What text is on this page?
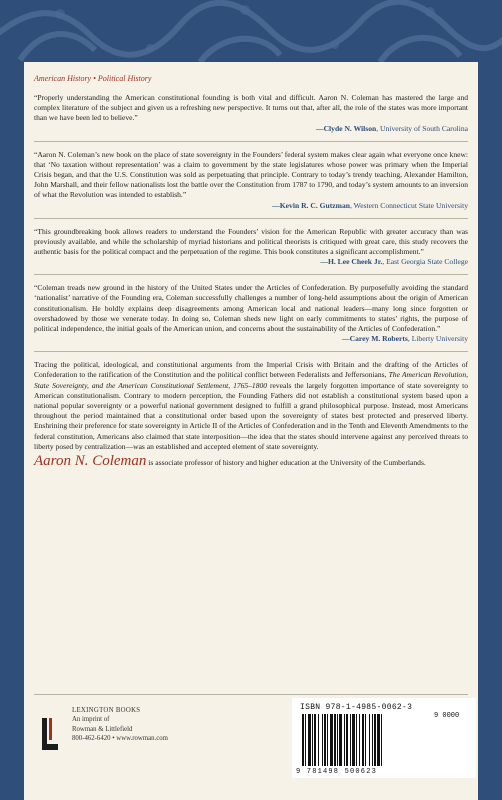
American History • Political History

“Properly understanding the American constitutional founding is both vital and difficult. Aaron N. Coleman has mastered the large and complex literature of the subject and given us a refreshing new perspective. It turns out that, after all, the role of the states was more important than we have been led to believe.”
—Clyde N. Wilson, University of South Carolina

“Aaron N. Coleman’s new book on the place of state sovereignty in the Founders’ federal system makes clear again what everyone once knew: that ‘No taxation without representation’ was a claim to government by the state legislatures whose power was primary when the Imperial Crisis began, and that the U.S. Constitution was sold as perpetuating that principle. Contrary to today’s trendy teaching, Alexander Hamilton, John Marshall, and their fellow nationalists lost the battle over the Constitution from 1787 to 1790, and today’s system amounts to an inversion of what the Revolution was intended to establish.”
—Kevin R. C. Gutzman, Western Connecticut State University

“This groundbreaking book allows readers to understand the Founders’ vision for the American Republic with greater accuracy than was previously available, and while the scholarship of myriad historians and political theorists is critiqued with great care, this study recovers the authentic basis for the political compact and the perpetuation of the regime. This book constitutes a significant accomplishment.”
—H. Lee Cheek Jr., East Georgia State College

“Coleman treads new ground in the history of the United States under the Articles of Confederation. By purposefully avoiding the standard ‘nationalist’ narrative of the Founding era, Coleman successfully challenges a number of long-held assumptions about the origin of American constitutionalism. He boldly explains deep disagreements among American local and national leaders—many long since forgotten or overshadowed by those we venerate today. In doing so, Coleman sheds new light on early commitments to states’ rights, the purpose of political independence, the initial goals of the American union, and concerns about the sustainability of the Articles of Confederation.”
—Carey M. Roberts, Liberty University

Tracing the political, ideological, and constitutional arguments from the Imperial Crisis with Britain and the drafting of the Articles of Confederation to the ratification of the Constitution and the political conflict between Federalists and Jeffersonians, The American Revolution, State Sovereignty, and the American Constitutional Settlement, 1765–1800 reveals the largely forgotten importance of state sovereignty to American constitutionalism. Contrary to modern perception, the Founding Fathers did not establish a constitutional system based upon a national popular sovereignty or a powerful national government designed to fulfill a grand philosophical purpose. Instead, most Americans throughout the period maintained that a constitutional order based upon the sovereignty of states best protected and preserved liberty. Enshrining their preference for state sovereignty in Article II of the Articles of Confederation and in the Tenth and Eleventh Amendments to the federal constitution, Americans also claimed that state interposition—the idea that the states should intervene against any perceived threats to liberty posed by centralization—was an established and accepted element of state sovereignty.

Aaron N. Coleman is associate professor of history and higher education at the University of the Cumberlands.

LEXINGTON BOOKS
An imprint of
Rowman & Littlefield
800-462-6420 • www.rowman.com
ISBN 978-1-4985-0062-3
9 0000
9 781498 500623
